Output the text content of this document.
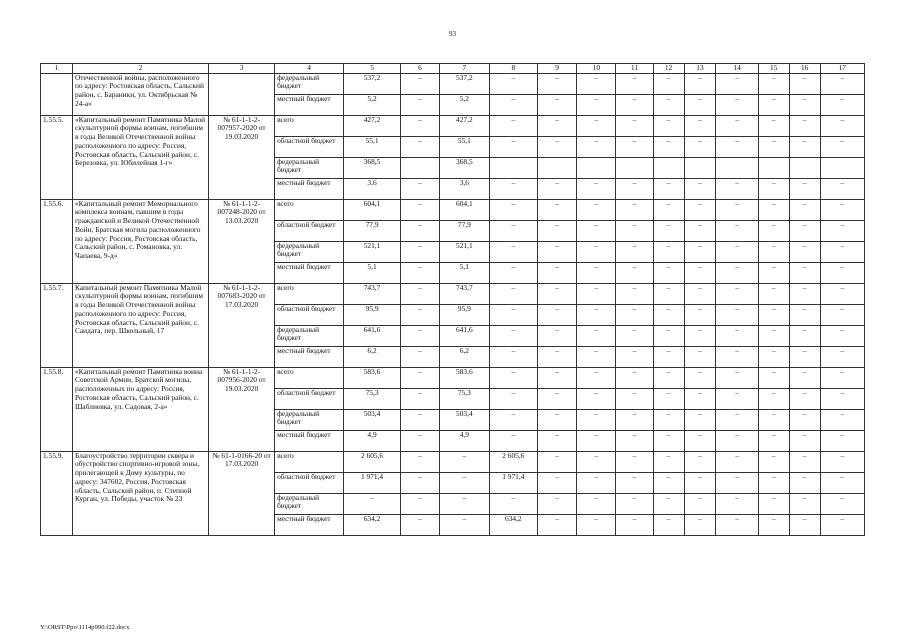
93
1	2	3	4	5	6	7	8	9	10	11	12	13	14	15	16	17
	Отечественной войны, расположенного по адресу: Ростовская область, Сальский район, с. Бараники, ул. Октябрьская № 24-а»		федеральный бюджет	537,2	–	537,2	–	–	–	–	–	–	–	–	–	–
			местный бюджет	5,2	–	5,2	–	–	–	–	–	–	–	–	–	–
1.55.5.	«Капитальный ремонт Памятника Малой скульптурной формы воинам, погибшим в годы Великой Отечественной войны расположенного по адресу: Россия, Ростовская область, Сальский район, с. Березовка, ул. Юбилейная 1-г»	№ 61-1-1-2-007957-2020 от 19.03.2020	всего	427,2	–	427,2	–	–	–	–	–	–	–	–	–	–
			областной бюджет	55,1	–	55,1	–	–	–	–	–	–	–	–	–	–
			федеральный бюджет	368,5		368,5										
			местный бюджет	3,6	–	3,6	–	–	–	–	–	–	–	–	–	–
1.55.6.	«Капитальный ремонт Мемориального комплекса воинам, павшим в годы гражданской и Великой Отечественной Войн, Братская могила расположенного по адресу: Россия, Ростовская область, Сальский район, с. Романовка, ул. Чапаева, 9-д»	№ 61-1-1-2-007248-2020 от 13.03.2020	всего	604,1	–	604,1	–	–	–	–	–	–	–	–	–	–
			областной бюджет	77,9	–	77,9	–	–	–	–	–	–	–	–	–	–
			федеральный бюджет	521,1	–	521,1	–	–	–	–	–	–	–	–	–	–
			местный бюджет	5,1	–	5,1	–	–	–	–	–	–	–	–	–	–
1.55.7.	Капитальный ремонт Памятника Малой скульптурной формы воинам, погибшим в годы Великой Отечественной войны расположенного по адресу: Россия, Ростовская область, Сальский район, с. Сандата, пер. Школьный, 17	№ 61-1-1-2-007683-2020 от 17.03.2020	всего	743,7	–	743,7	–	–	–	–	–	–	–	–	–	–
			областной бюджет	95,9	–	95,9	–	–	–	–	–	–	–	–	–	–
			федеральный бюджет	641,6	–	641,6	–	–	–	–	–	–	–	–	–	–
			местный бюджет	6,2	–	6,2	–	–	–	–	–	–	–	–	–	–
1.55.8.	«Капитальный ремонт Памятника воина Советской Армии, Братской могилы, расположенных по адресу: Россия, Ростовская область, Сальский район, с. Шаблиевка, ул. Садовая, 2-а»	№ 61-1-1-2-007956-2020 от 19.03.2020	всего	583,6	–	583,6	–	–	–	–	–	–	–	–	–	–
			областной бюджет	75,3	–	75,3	–	–	–	–	–	–	–	–	–	–
			федеральный бюджет	503,4	–	503,4	–	–	–	–	–	–	–	–	–	–
			местный бюджет	4,9	–	4,9	–	–	–	–	–	–	–	–	–	–
1.55.9.	Благоустройство территории сквера и обустройство спортивно-игровой зоны, прилегающей к Дому культуры, по адресу: 347602, Россия, Ростовская область, Сальский район, п. Степной Курган, ул. Победы, участок № 23	№ 61-1-0166-20 от 17.03.2020	всего	2 605,6	–	–	2 605,6	–	–	–	–	–	–	–	–	–
			областной бюджет	1 971,4	–	–	1 971,4	–	–	–	–	–	–	–	–	–
			федеральный бюджет	–	–	–	–	–	–	–	–	–	–	–	–	–
			местный бюджет	634,2	–	–	634,2	–	–	–	–	–	–	–	–	–
Y:\ORST\Ppo\1114p990.f22.docx
